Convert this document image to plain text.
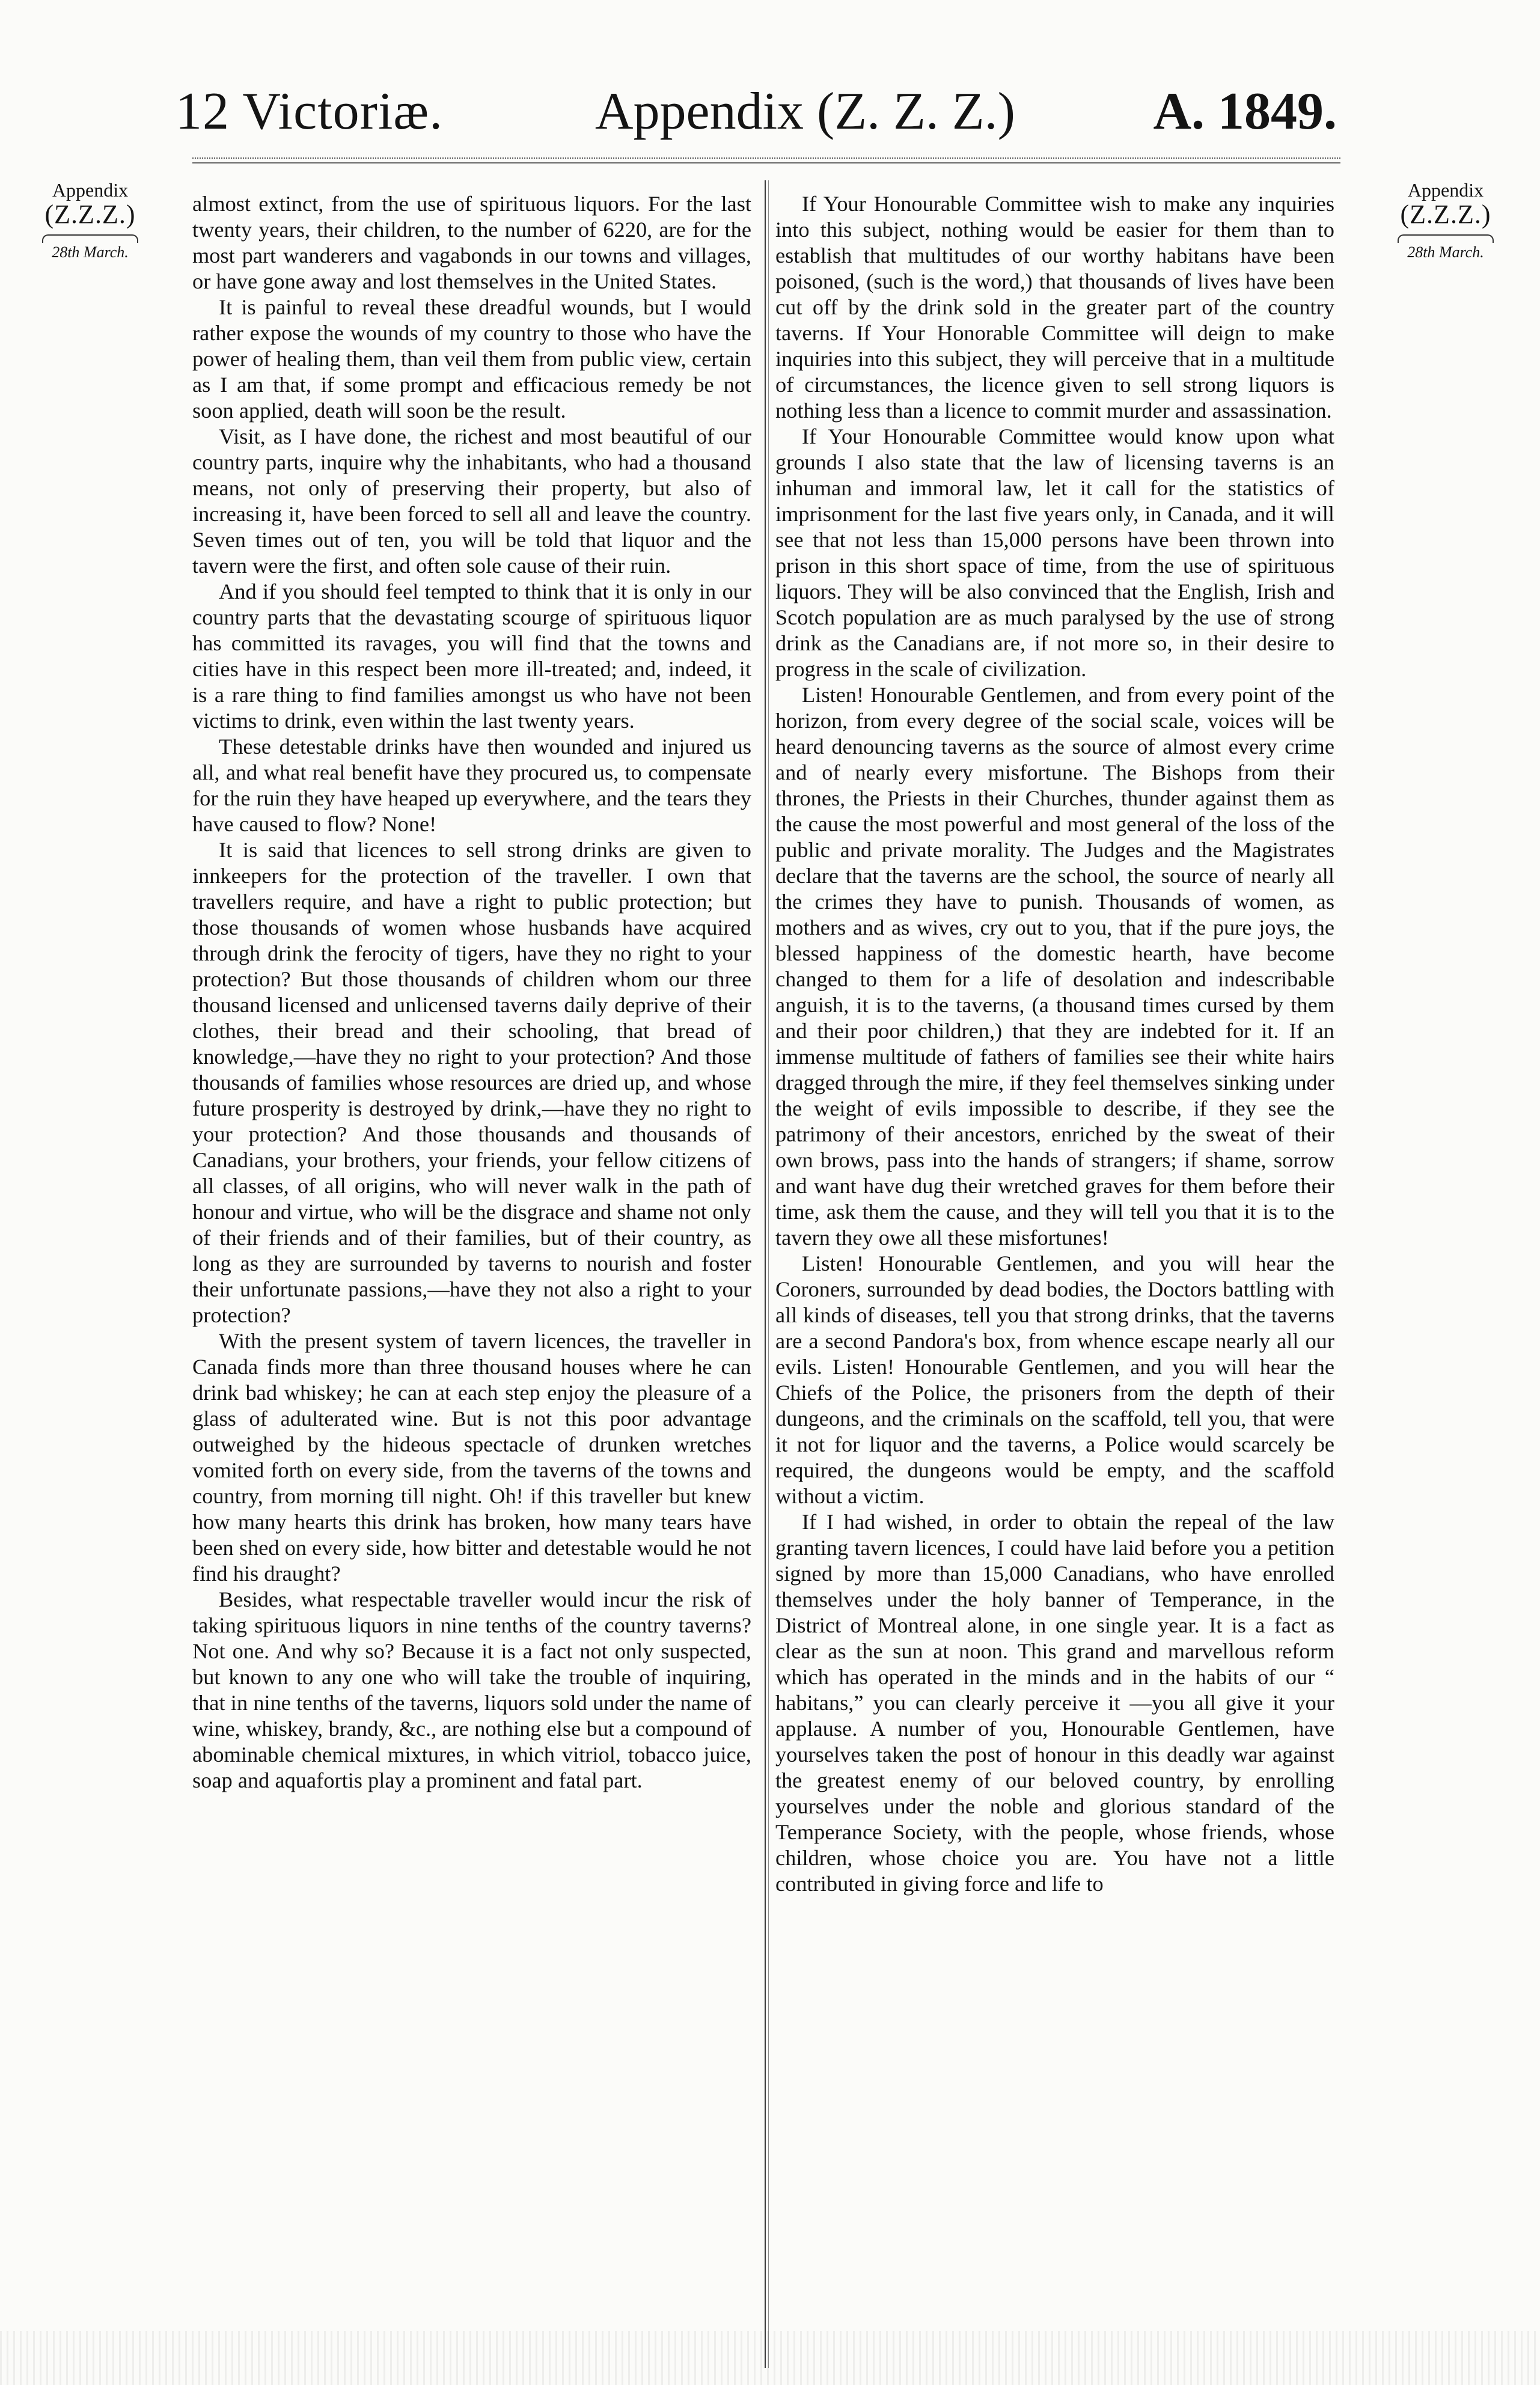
12 Victoriæ.	Appendix (Z. Z. Z.)	A. 1849.
Appendix
(Z.Z.Z.)
28th March.
Appendix
(Z.Z.Z.)
28th March.

almost extinct, from the use of spirituous liquors. For the last twenty years, their children, to the number of 6220, are for the most part wanderers and vagabonds in our towns and villages, or have gone away and lost themselves in the United States.

It is painful to reveal these dreadful wounds, but I would rather expose the wounds of my country to those who have the power of healing them, than veil them from public view, certain as I am that, if some prompt and efficacious remedy be not soon applied, death will soon be the result.

Visit, as I have done, the richest and most beautiful of our country parts, inquire why the inhabitants, who had a thousand means, not only of preserving their property, but also of increasing it, have been forced to sell all and leave the country. Seven times out of ten, you will be told that liquor and the tavern were the first, and often sole cause of their ruin.

And if you should feel tempted to think that it is only in our country parts that the devastating scourge of spirituous liquor has committed its ravages, you will find that the towns and cities have in this respect been more ill-treated; and, indeed, it is a rare thing to find families amongst us who have not been victims to drink, even within the last twenty years.

These detestable drinks have then wounded and injured us all, and what real benefit have they procured us, to compensate for the ruin they have heaped up everywhere, and the tears they have caused to flow? None!

It is said that licences to sell strong drinks are given to innkeepers for the protection of the traveller. I own that travellers require, and have a right to public protection; but those thousands of women whose husbands have acquired through drink the ferocity of tigers, have they no right to your protection? But those thousands of children whom our three thousand licensed and unlicensed taverns daily deprive of their clothes, their bread and their schooling, that bread of knowledge,—have they no right to your protection? And those thousands of families whose resources are dried up, and whose future prosperity is destroyed by drink,—have they no right to your protection? And those thousands and thousands of Canadians, your brothers, your friends, your fellow citizens of all classes, of all origins, who will never walk in the path of honour and virtue, who will be the disgrace and shame not only of their friends and of their families, but of their country, as long as they are surrounded by taverns to nourish and foster their unfortunate passions,—have they not also a right to your protection?

With the present system of tavern licences, the traveller in Canada finds more than three thousand houses where he can drink bad whiskey; he can at each step enjoy the pleasure of a glass of adulterated wine. But is not this poor advantage outweighed by the hideous spectacle of drunken wretches vomited forth on every side, from the taverns of the towns and country, from morning till night. Oh! if this traveller but knew how many hearts this drink has broken, how many tears have been shed on every side, how bitter and detestable would he not find his draught?

Besides, what respectable traveller would incur the risk of taking spirituous liquors in nine tenths of the country taverns? Not one. And why so? Because it is a fact not only suspected, but known to any one who will take the trouble of inquiring, that in nine tenths of the taverns, liquors sold under the name of wine, whiskey, brandy, &c., are nothing else but a compound of abominable chemical mixtures, in which vitriol, tobacco juice, soap and aquafortis play a prominent and fatal part.

If Your Honourable Committee wish to make any inquiries into this subject, nothing would be easier for them than to establish that multitudes of our worthy habitans have been poisoned, (such is the word,) that thousands of lives have been cut off by the drink sold in the greater part of the country taverns. If Your Honorable Committee will deign to make inquiries into this subject, they will perceive that in a multitude of circumstances, the licence given to sell strong liquors is nothing less than a licence to commit murder and assassination.

If Your Honourable Committee would know upon what grounds I also state that the law of licensing taverns is an inhuman and immoral law, let it call for the statistics of imprisonment for the last five years only, in Canada, and it will see that not less than 15,000 persons have been thrown into prison in this short space of time, from the use of spirituous liquors. They will be also convinced that the English, Irish and Scotch population are as much paralysed by the use of strong drink as the Canadians are, if not more so, in their desire to progress in the scale of civilization.

Listen! Honourable Gentlemen, and from every point of the horizon, from every degree of the social scale, voices will be heard denouncing taverns as the source of almost every crime and of nearly every misfortune. The Bishops from their thrones, the Priests in their Churches, thunder against them as the cause the most powerful and most general of the loss of the public and private morality. The Judges and the Magistrates declare that the taverns are the school, the source of nearly all the crimes they have to punish. Thousands of women, as mothers and as wives, cry out to you, that if the pure joys, the blessed happiness of the domestic hearth, have become changed to them for a life of desolation and indescribable anguish, it is to the taverns, (a thousand times cursed by them and their poor children,) that they are indebted for it. If an immense multitude of fathers of families see their white hairs dragged through the mire, if they feel themselves sinking under the weight of evils impossible to describe, if they see the patrimony of their ancestors, enriched by the sweat of their own brows, pass into the hands of strangers; if shame, sorrow and want have dug their wretched graves for them before their time, ask them the cause, and they will tell you that it is to the tavern they owe all these misfortunes!

Listen! Honourable Gentlemen, and you will hear the Coroners, surrounded by dead bodies, the Doctors battling with all kinds of diseases, tell you that strong drinks, that the taverns are a second Pandora's box, from whence escape nearly all our evils. Listen! Honourable Gentlemen, and you will hear the Chiefs of the Police, the prisoners from the depth of their dungeons, and the criminals on the scaffold, tell you, that were it not for liquor and the taverns, a Police would scarcely be required, the dungeons would be empty, and the scaffold without a victim.

If I had wished, in order to obtain the repeal of the law granting tavern licences, I could have laid before you a petition signed by more than 15,000 Canadians, who have enrolled themselves under the holy banner of Temperance, in the District of Montreal alone, in one single year. It is a fact as clear as the sun at noon. This grand and marvellous reform which has operated in the minds and in the habits of our “ habitans,” you can clearly perceive it —you all give it your applause. A number of you, Honourable Gentlemen, have yourselves taken the post of honour in this deadly war against the greatest enemy of our beloved country, by enrolling yourselves under the noble and glorious standard of the Temperance Society, with the people, whose friends, whose children, whose choice you are. You have not a little contributed in giving force and life to
